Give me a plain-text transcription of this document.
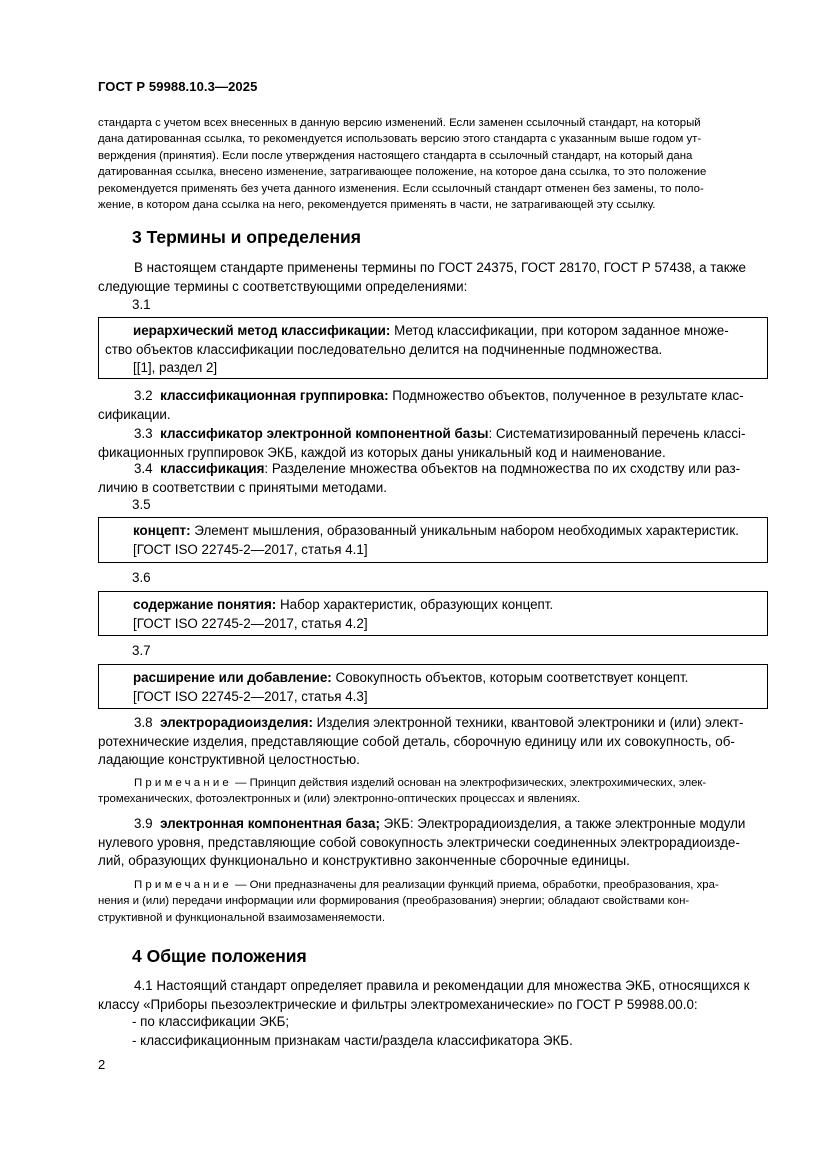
ГОСТ Р 59988.10.3—2025
стандарта с учетом всех внесенных в данную версию изменений. Если заменен ссылочный стандарт, на который
дана датированная ссылка, то рекомендуется использовать версию этого стандарта с указанным выше годом ут-
верждения (принятия). Если после утверждения настоящего стандарта в ссылочный стандарт, на который дана
датированная ссылка, внесено изменение, затрагивающее положение, на которое дана ссылка, то это положение
рекомендуется применять без учета данного изменения. Если ссылочный стандарт отменен без замены, то поло-
жение, в котором дана ссылка на него, рекомендуется применять в части, не затрагивающей эту ссылку.
3 Термины и определения
В настоящем стандарте применены термины по ГОСТ 24375, ГОСТ 28170, ГОСТ Р 57438, а также
следующие термины с соответствующими определениями:
3.1

иерархический метод классификации: Метод классификации, при котором заданное множе-

ство объектов классификации последовательно делится на подчиненные подмножества.

[[1], раздел 2]

3.2 классификационная группировка: Подмножество объектов, полученное в результате клас-
сификации.
3.3 классификатор электронной компонентной базы: Систематизированный перечень классі-
фикационных группировок ЭКБ, каждой из которых даны уникальный код и наименование.
3.4 классификация: Разделение множества объектов на подмножества по их сходству или раз-
личию в соответствии с принятыми методами.
3.5

концепт: Элемент мышления, образованный уникальным набором необходимых характеристик.

[ГОСТ ISO 22745-2—2017, статья 4.1]

3.6

содержание понятия: Набор характеристик, образующих концепт.

[ГОСТ ISO 22745-2—2017, статья 4.2]

3.7

расширение или добавление: Совокупность объектов, которым соответствует концепт.

[ГОСТ ISO 22745-2—2017, статья 4.3]

3.8 электрорадиоизделия: Изделия электронной техники, квантовой электроники и (или) элект-
ротехнические изделия, представляющие собой деталь, сборочную единицу или их совокупность, об-
ладающие конструктивной целостностью.
Примечание — Принцип действия изделий основан на электрофизических, электрохимических, элек-
тромеханических, фотоэлектронных и (или) электронно-оптических процессах и явлениях.
3.9 электронная компонентная база; ЭКБ: Электрорадиоизделия, а также электронные модули
нулевого уровня, представляющие собой совокупность электрически соединенных электрорадиоизде-
лий, образующих функционально и конструктивно законченные сборочные единицы.
Примечание — Они предназначены для реализации функций приема, обработки, преобразования, хра-
нения и (или) передачи информации или формирования (преобразования) энергии; обладают свойствами кон-
структивной и функциональной взаимозаменяемости.
4 Общие положения
4.1 Настоящий стандарт определяет правила и рекомендации для множества ЭКБ, относящихся к
классу «Приборы пьезоэлектрические и фильтры электромеханические» по ГОСТ Р 59988.00.0:
- по классификации ЭКБ;
- классификационным признакам части/раздела классификатора ЭКБ.
2
